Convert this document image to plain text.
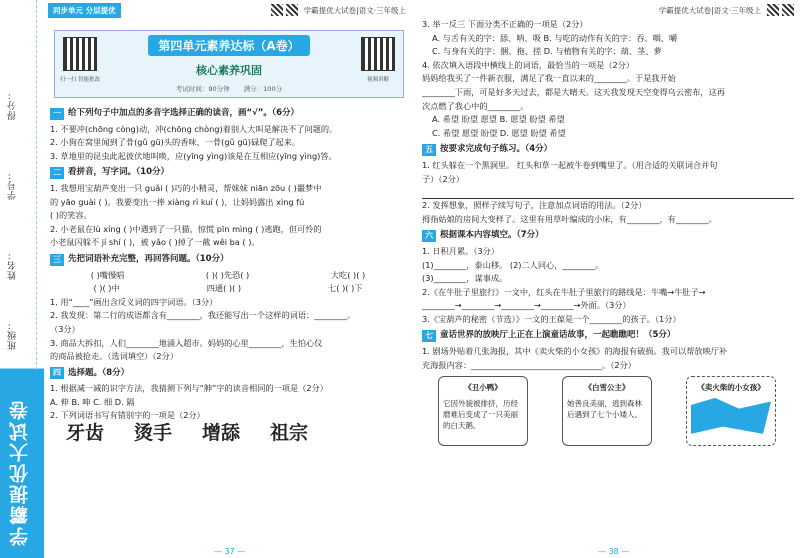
班级：
姓名：
学号：
得分：
学霸提优大试卷
同步单元 分层提优	学霸提优大试卷|语文·三年级上
扫一扫 智能批改	视频讲解
第四单元素养达标（A卷）
核心素养巩固
考试时间：90分钟 满分：100分
一 给下列句子中加点的多音字选择正确的读音，画“√”。（6分）
1. 不要冲(chōng còng)动，冲(chōng chòng)着别人大叫是解决不了问题的。
2. 小狗在窝里闻到了骨(gǔ gū)头的香味，一骨(gǔ gū)碌爬了起来。
3. 草地里的昆虫此起彼伏地叫唤，应(yīng yìng)该是在互相应(yīng yìng)答。
二 看拼音，写字词。（10分）
1. 我想用宝葫芦变出一只 guǎi ( )巧的小精灵，帮妹妹 niān zōu ( )噩梦中
的 yāo guài ( )。我要变出一捧 xiàng rì kuí ( )，让妈妈露出 xìng fú
( )的笑容。
2. 小老鼠在lù xíng ( )中遇到了一只猫，惊慌 pīn mìng ( )逃跑，但可怜的
小老鼠闪躲不 jí shí ( )，被 yǎo ( )掉了一截 wěi ba ( )。
三 先把词语补充完整，再回答问题。（10分）
( )嘴慢唱	( )( )先恐( )	大吃( )( )
( )( )中	四通( )( )	七( )( )下
1. 用“____”画出含反义词的四字词语。（3分）
2. 我发现：第二行的成语都含有________，我还能写出一个这样的词语：________。
（3分）
3. 商品大拆扣，人们________地涌入超市。妈妈的心里________，生怕心仪
的商品被抢走。（选词填空）（2分）
四 选择题。（8分）
1. 根据减一减的识字方法，我猜测下列与“胂”字的读音相同的一项是（2分）
A. 伸 B. 呻 C. 细 D. 隔
2. 下列词语书写有错别字的一项是（2分）
牙齿 烫手 增舔 祖宗
— 37 —
学霸提优大试卷|语文·三年级上
3. 举一反三 下面分类不正确的一项是（2分）
A. 与舌有关的字：舔、呐、吸 B. 与吃的动作有关的字：吞、咽、嚼
C. 与身有关的字：捆、拖、搓 D. 与植物有关的字：葫、茎、萝
4. 依次填入语段中横线上的词语，最恰当的一项是（2分）
妈妈给我买了一件新衣服，满足了我一直以来的________。于是我开始
________下雨，可是好多天过去，都是大晴天。这天我发现天空变得乌云密布，这再
次点燃了我心中的________。
A. 希望 盼望 愿望 B. 愿望 盼望 希望
C. 希望 愿望 盼望 D. 愿望 盼望 希望
五 按要求完成句子练习。（4分）
1. 红头躲在一个黑洞里。 红头和草一起被牛卷到嘴里了。（用合适的关联词合并句
子）（2分）
2. 发挥想象，照样子续写句子，注意加点词语的用法。（2分）
拇指姑娘的房间大变样了。这里有用草叶编成的小床，有________，有________。
六 根据课本内容填空。（7分）
1. 日积月累。（3分）
(1)________，泰山移。 (2)二人同心，________。
(3)________，谋事成。
2.《在牛肚子里旅行》一文中，红头在牛肚子里旅行的路线是：牛嘴→牛肚子→
________→________→________→________→外面。（3分）
3.《宝葫芦的秘密（节选）》一文的王葆是一个________的孩子。（1分）
七 童话世界的放映厅上正在上演童话故事，一起瞧瞧吧！（5分）
1. 剧场外贴着几张海报，其中《卖火柴的小女孩》的海报有破损。我可以帮放映厅补
充海报内容：________________________________。（2分）
《丑小鸭》
它因外貌被排挤，历经磨难后变成了一只美丽的白天鹅。
《白雪公主》
她善良美丽，逃到森林后遇到了七个小矮人。
《卖火柴的小女孩》
— 38 —
